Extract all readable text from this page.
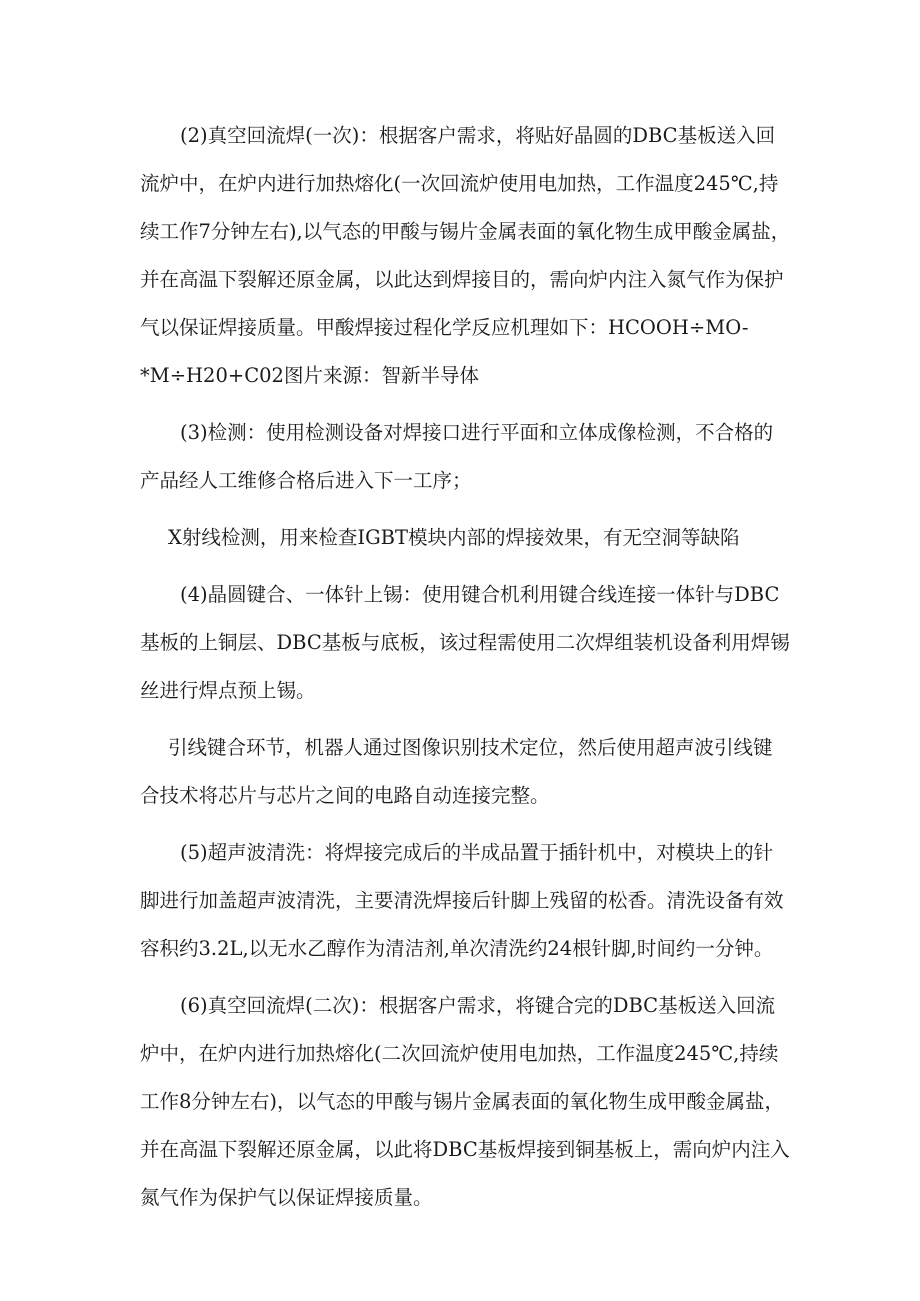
(2)真空回流焊(一次)：根据客户需求，将贴好晶圆的DBC基板送入回
流炉中，在炉内进行加热熔化(一次回流炉使用电加热，工作温度245℃,持
续工作7分钟左右),以气态的甲酸与锡片金属表面的氧化物生成甲酸金属盐，
并在高温下裂解还原金属，以此达到焊接目的，需向炉内注入氮气作为保护
气以保证焊接质量。甲酸焊接过程化学反应机理如下：HCOOH÷MO-
*M÷H20+C02图片来源：智新半导体
(3)检测：使用检测设备对焊接口进行平面和立体成像检测，不合格的
产品经人工维修合格后进入下一工序；
X射线检测，用来检查IGBT模块内部的焊接效果，有无空洞等缺陷
(4)晶圆键合、一体针上锡：使用键合机利用键合线连接一体针与DBC
基板的上铜层、DBC基板与底板，该过程需使用二次焊组装机设备利用焊锡
丝进行焊点预上锡。
引线键合环节，机器人通过图像识别技术定位，然后使用超声波引线键
合技术将芯片与芯片之间的电路自动连接完整。
(5)超声波清洗：将焊接完成后的半成品置于插针机中，对模块上的针
脚进行加盖超声波清洗，主要清洗焊接后针脚上残留的松香。清洗设备有效
容积约3.2L,以无水乙醇作为清洁剂,单次清洗约24根针脚,时间约一分钟。
(6)真空回流焊(二次)：根据客户需求，将键合完的DBC基板送入回流
炉中，在炉内进行加热熔化(二次回流炉使用电加热，工作温度245℃,持续
工作8分钟左右)，以气态的甲酸与锡片金属表面的氧化物生成甲酸金属盐，
并在高温下裂解还原金属，以此将DBC基板焊接到铜基板上，需向炉内注入
氮气作为保护气以保证焊接质量。
